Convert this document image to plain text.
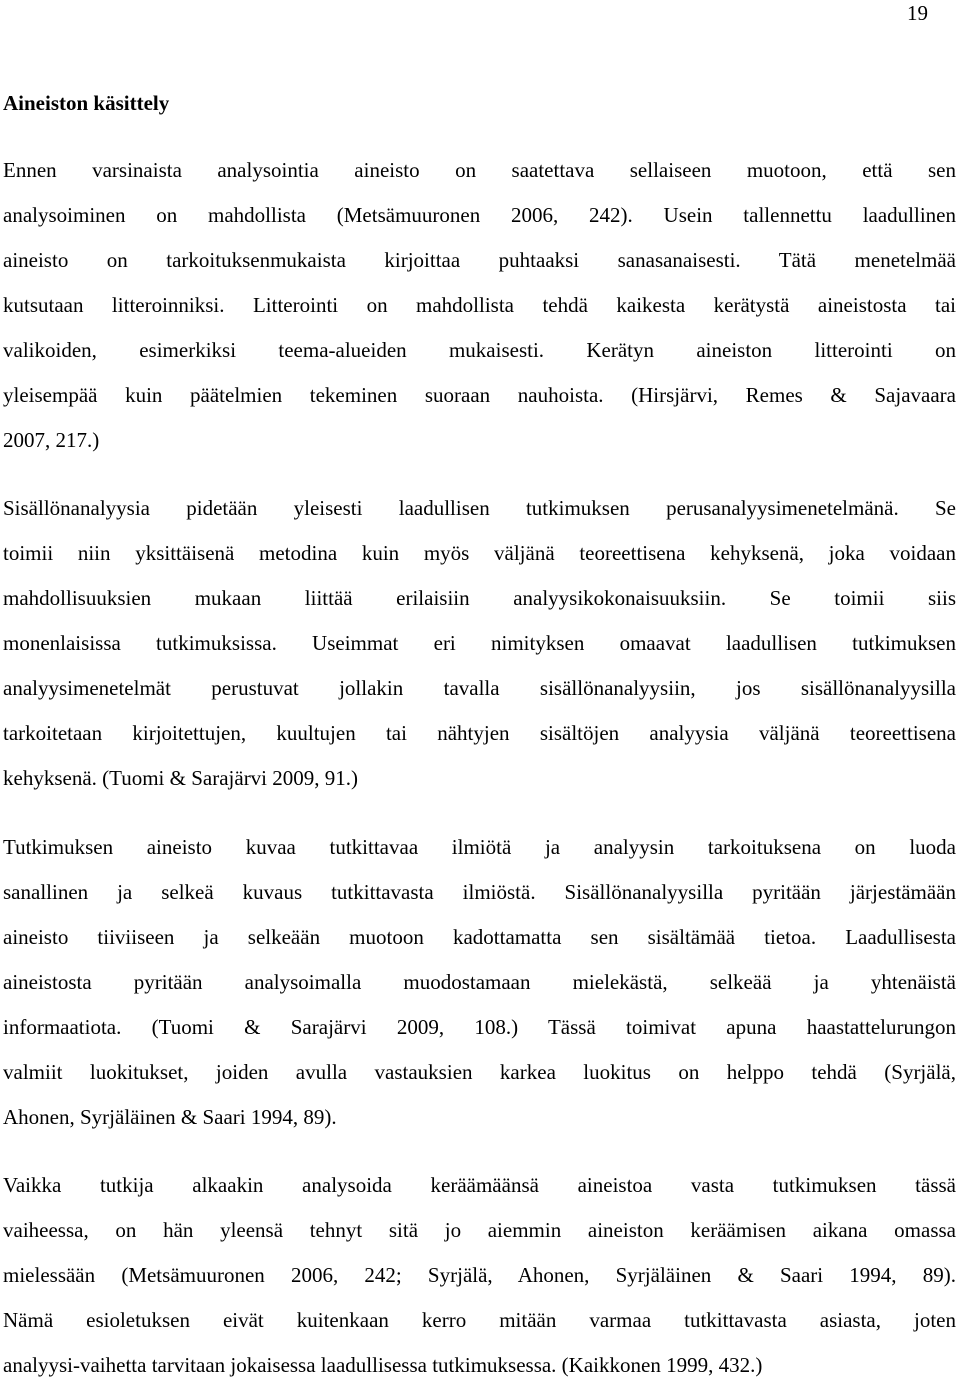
19
Aineiston käsittely

Ennen varsinaista analysointia aineisto on saatettava sellaiseen muotoon, että sen
analysoiminen on mahdollista (Metsämuuronen 2006, 242). Usein tallennettu laadullinen
aineisto on tarkoituksenmukaista kirjoittaa puhtaaksi sanasanaisesti. Tätä menetelmää
kutsutaan litteroinniksi. Litterointi on mahdollista tehdä kaikesta kerätystä aineistosta tai
valikoiden, esimerkiksi teema-alueiden mukaisesti. Kerätyn aineiston litterointi on
yleisempää kuin päätelmien tekeminen suoraan nauhoista. (Hirsjärvi, Remes & Sajavaara
2007, 217.)

Sisällönanalyysia pidetään yleisesti laadullisen tutkimuksen perusanalyysimenetelmänä. Se
toimii niin yksittäisenä metodina kuin myös väljänä teoreettisena kehyksenä, joka voidaan
mahdollisuuksien mukaan liittää erilaisiin analyysikokonaisuuksiin. Se toimii siis
monenlaisissa tutkimuksissa. Useimmat eri nimityksen omaavat laadullisen tutkimuksen
analyysimenetelmät perustuvat jollakin tavalla sisällönanalyysiin, jos sisällönanalyysilla
tarkoitetaan kirjoitettujen, kuultujen tai nähtyjen sisältöjen analyysia väljänä teoreettisena
kehyksenä. (Tuomi & Sarajärvi 2009, 91.)

Tutkimuksen aineisto kuvaa tutkittavaa ilmiötä ja analyysin tarkoituksena on luoda
sanallinen ja selkeä kuvaus tutkittavasta ilmiöstä. Sisällönanalyysilla pyritään järjestämään
aineisto tiiviiseen ja selkeään muotoon kadottamatta sen sisältämää tietoa. Laadullisesta
aineistosta pyritään analysoimalla muodostamaan mielekästä, selkeää ja yhtenäistä
informaatiota. (Tuomi & Sarajärvi 2009, 108.) Tässä toimivat apuna haastattelurungon
valmiit luokitukset, joiden avulla vastauksien karkea luokitus on helppo tehdä (Syrjälä,
Ahonen, Syrjäläinen & Saari 1994, 89).

Vaikka tutkija alkaakin analysoida keräämäänsä aineistoa vasta tutkimuksen tässä
vaiheessa, on hän yleensä tehnyt sitä jo aiemmin aineiston keräämisen aikana omassa
mielessään (Metsämuuronen 2006, 242; Syrjälä, Ahonen, Syrjäläinen & Saari 1994, 89).
Nämä esioletuksen eivät kuitenkaan kerro mitään varmaa tutkittavasta asiasta, joten
analyysi-vaihetta tarvitaan jokaisessa laadullisessa tutkimuksessa. (Kaikkonen 1999, 432.)
